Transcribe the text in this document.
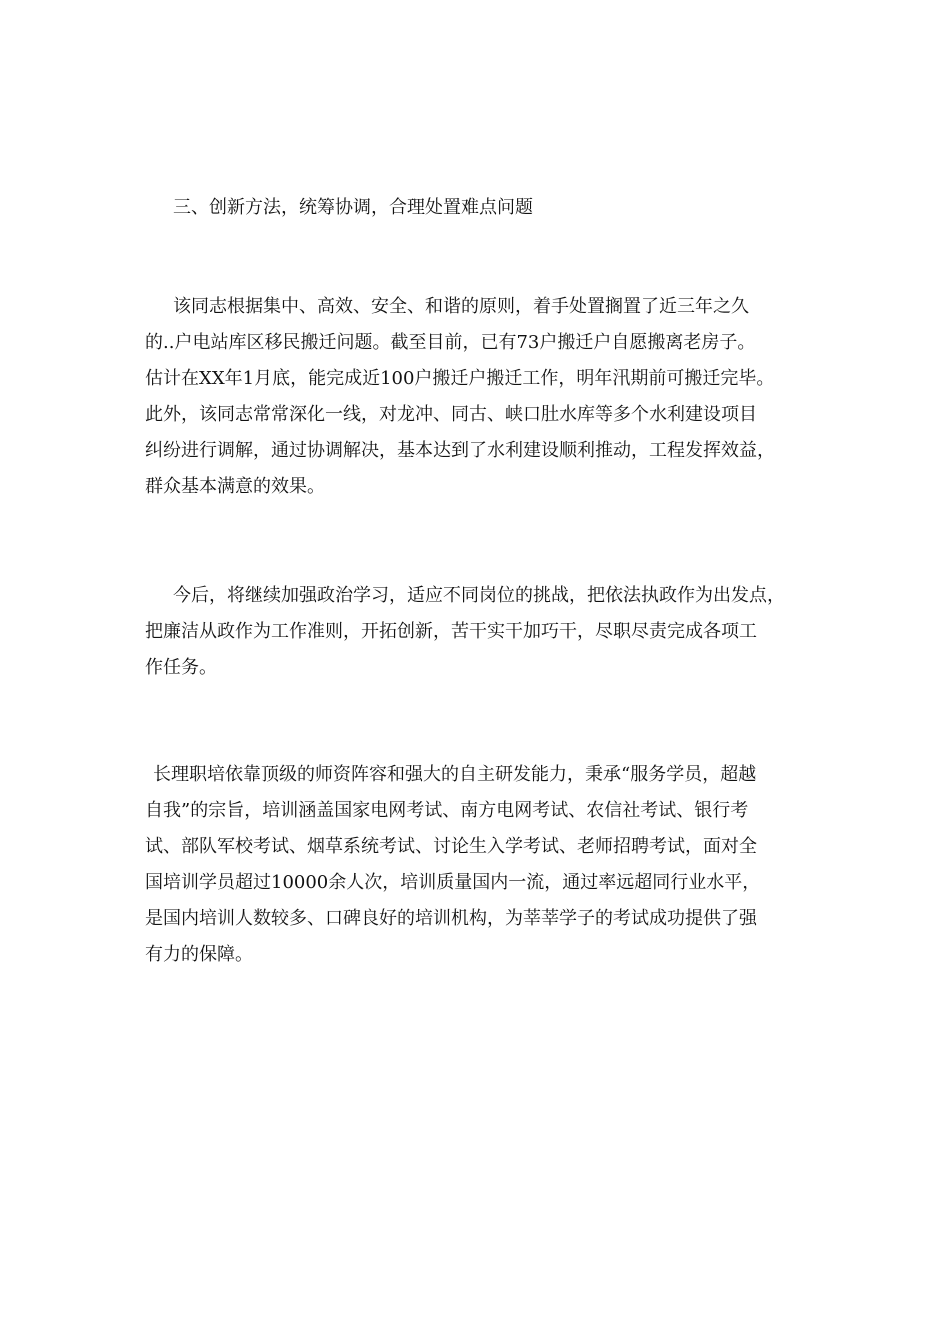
三、创新方法，统筹协调，合理处置难点问题
该同志根据集中、高效、安全、和谐的原则，着手处置搁置了近三年之久
的..户电站库区移民搬迁问题。截至目前，已有73户搬迁户自愿搬离老房子。
估计在XX年1月底，能完成近100户搬迁户搬迁工作，明年汛期前可搬迁完毕。
此外，该同志常常深化一线，对龙冲、同古、峡口肚水库等多个水利建设项目
纠纷进行调解，通过协调解决，基本达到了水利建设顺利推动，工程发挥效益，
群众基本满意的效果。
今后，将继续加强政治学习，适应不同岗位的挑战，把依法执政作为出发点，
把廉洁从政作为工作准则，开拓创新，苦干实干加巧干，尽职尽责完成各项工
作任务。
长理职培依靠顶级的师资阵容和强大的自主研发能力，秉承“服务学员，超越
自我”的宗旨，培训涵盖国家电网考试、南方电网考试、农信社考试、银行考
试、部队军校考试、烟草系统考试、讨论生入学考试、老师招聘考试，面对全
国培训学员超过10000余人次，培训质量国内一流，通过率远超同行业水平，
是国内培训人数较多、口碑良好的培训机构，为莘莘学子的考试成功提供了强
有力的保障。
